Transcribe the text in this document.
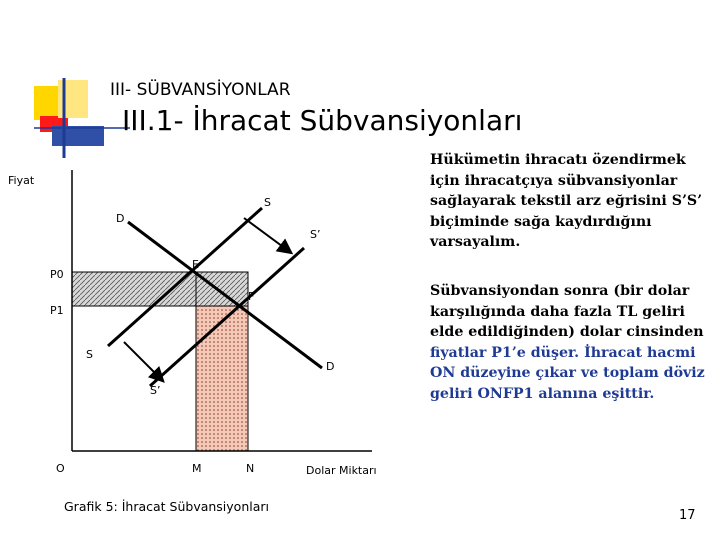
III- SÜBVANSİYONLAR
III.1- İhracat Sübvansiyonları
Fiyat
S
D
S’
E
P0
F
P1
S
D
S’
O	M	N	Dolar Miktarı
Hükümetin ihracatı özendirmek için ihracatçıya sübvansiyonlar sağlayarak tekstil arz eğrisini S’S’ biçiminde sağa kaydırdığını varsayalım.
Sübvansiyondan sonra (bir dolar karşılığında daha fazla TL geliri elde edildiğinden) dolar cinsinden fiyatlar P1’e düşer. İhracat hacmi ON düzeyine çıkar ve toplam döviz geliri ONFP1 alanına eşittir.
Grafik 5: İhracat Sübvansiyonları
17
